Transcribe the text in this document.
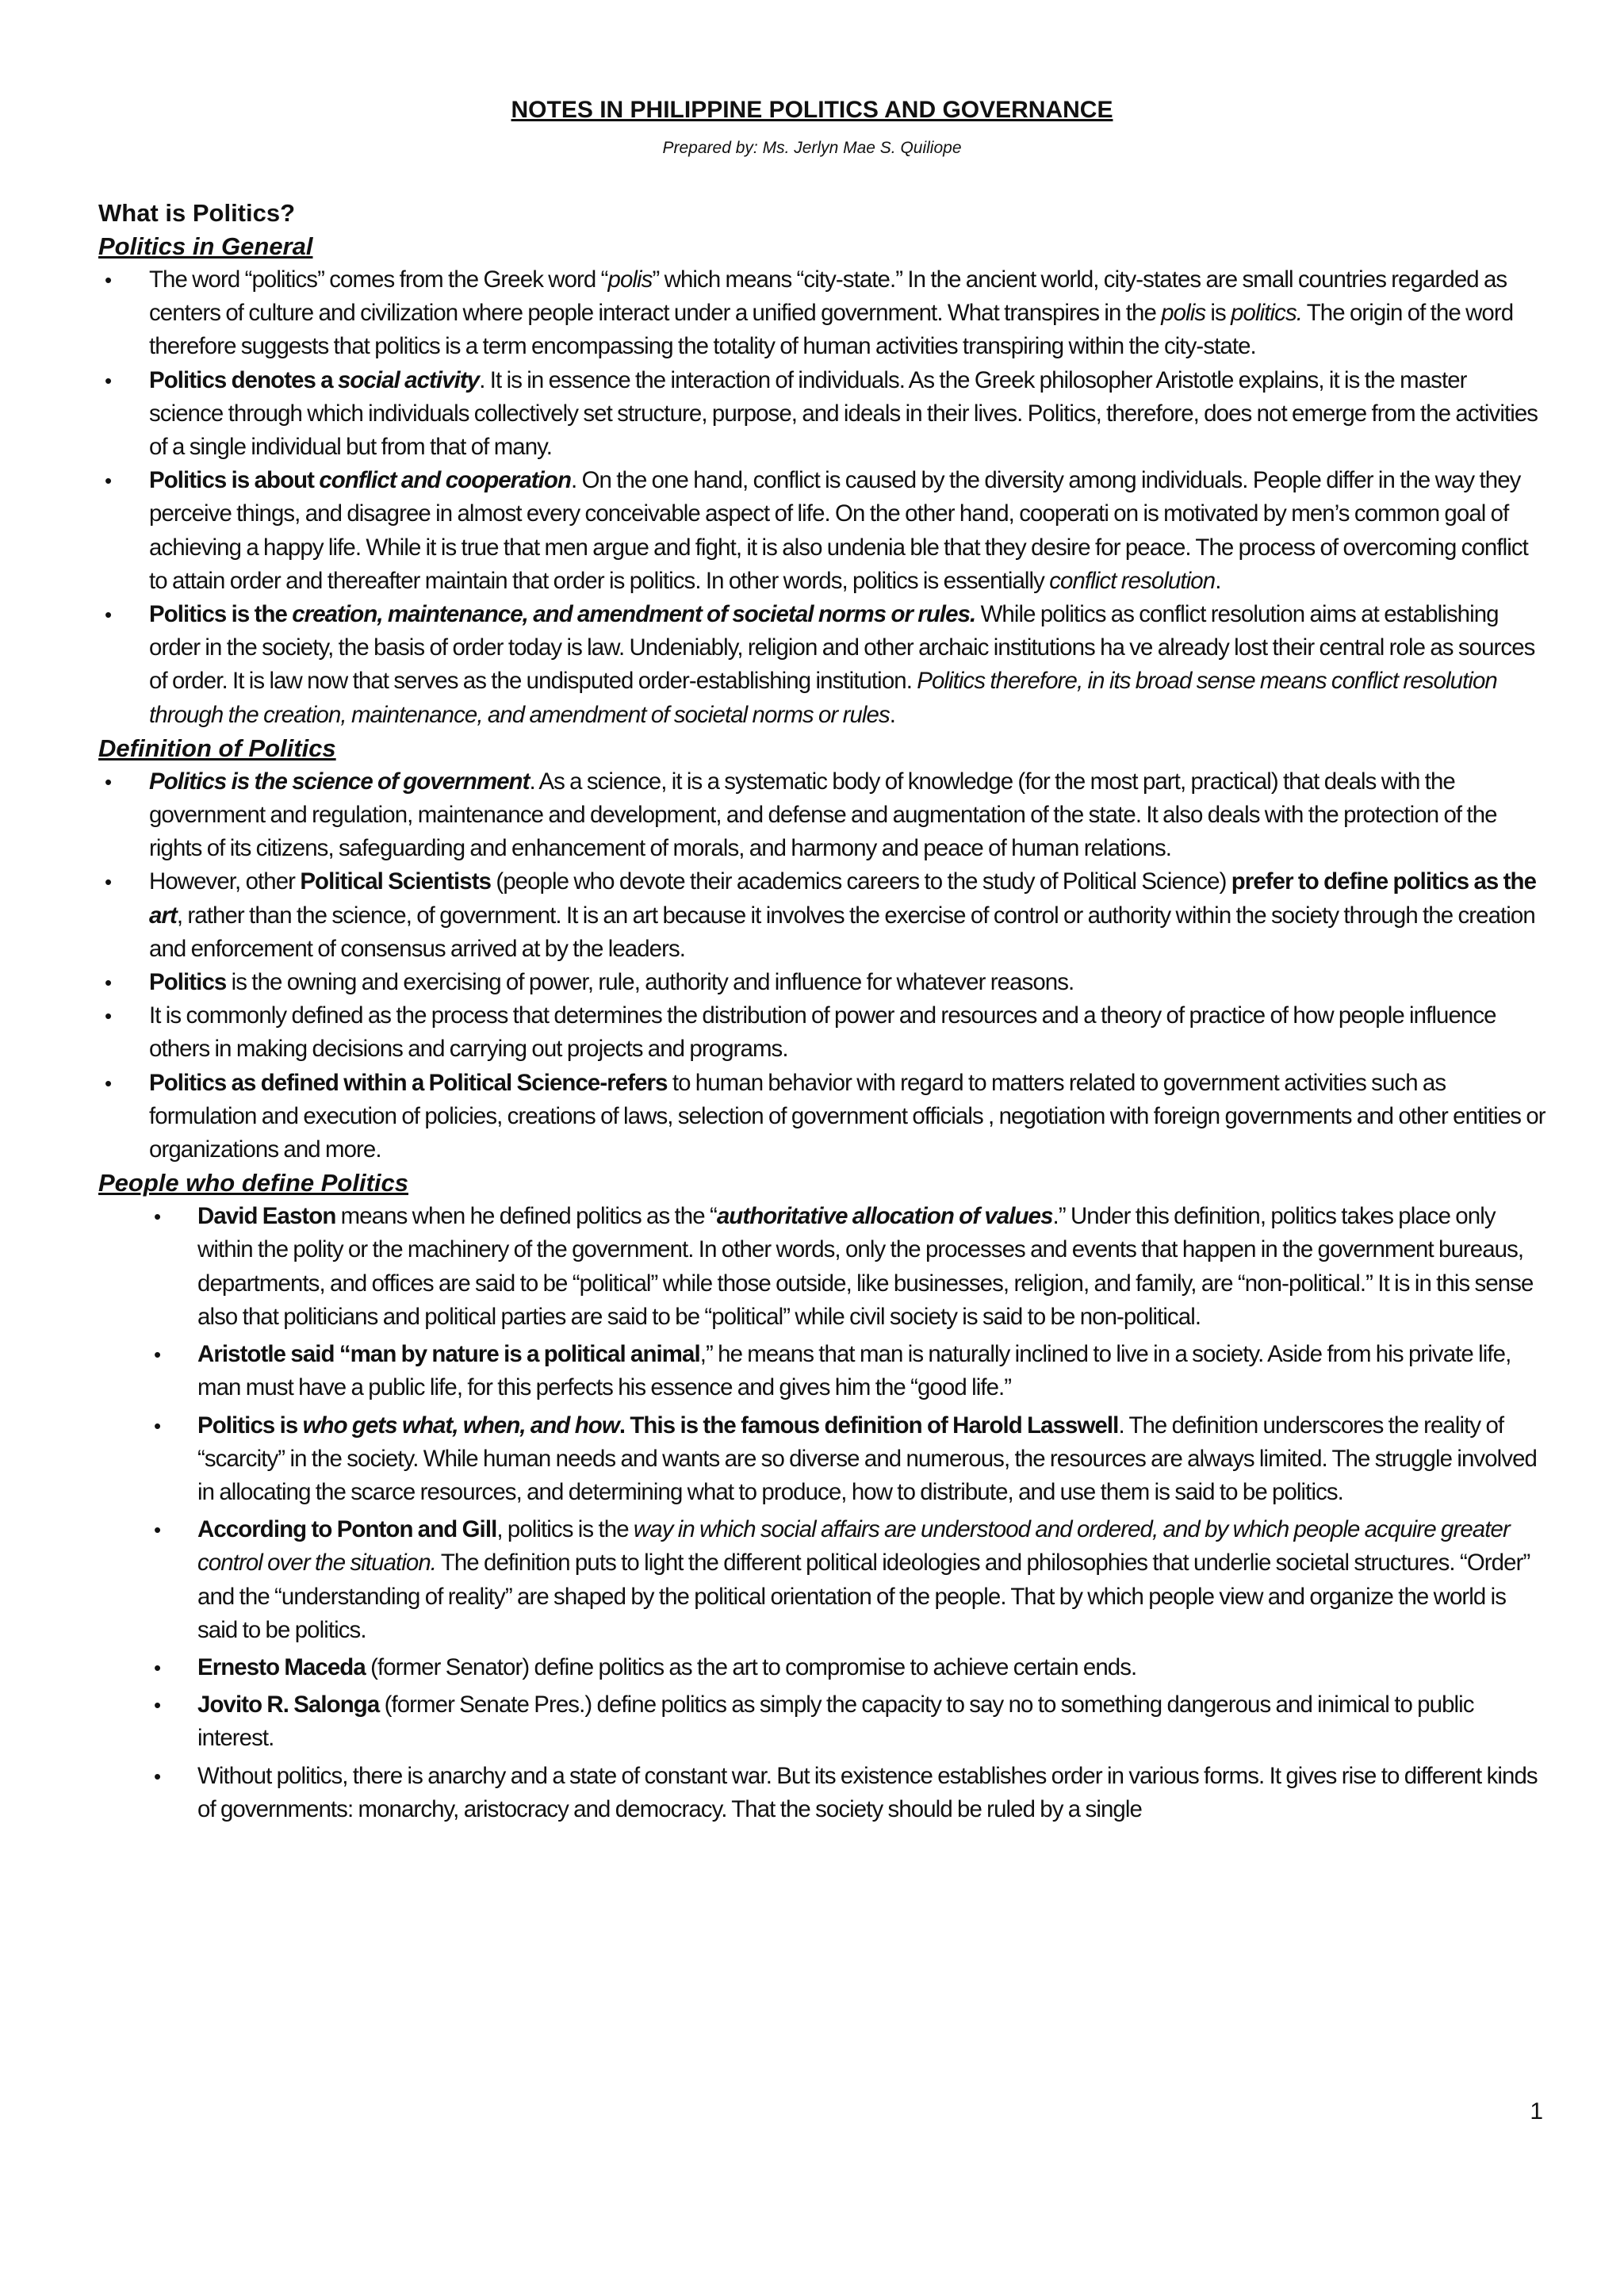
NOTES IN PHILIPPINE POLITICS AND GOVERNANCE
Prepared by: Ms. Jerlyn Mae S. Quiliope

What is Politics?

Politics in General

• The word “politics” comes from the Greek word “polis” which means “city-state.” In the ancient world, city-states are small countries regarded as centers of culture and civilization where people interact under a unified government. What transpires in the polis is politics. The origin of the word therefore suggests that politics is a term encompassing the totality of human activities transpiring within the city-state.
• Politics denotes a social activity. It is in essence the interaction of individuals. As the Greek philosopher Aristotle explains, it is the master science through which individuals collectively set structure, purpose, and ideals in their lives. Politics, therefore, does not emerge from the activities of a single individual but from that of many.
• Politics is about conflict and cooperation. On the one hand, conflict is caused by the diversity among individuals. People differ in the way they perceive things, and disagree in almost every conceivable aspect of life. On the other hand, cooperati on is motivated by men’s common goal of achieving a happy life. While it is true that men argue and fight, it is also undenia ble that they desire for peace. The process of overcoming conflict to attain order and thereafter maintain that order is politics. In other words, politics is essentially conflict resolution.
• Politics is the creation, maintenance, and amendment of societal norms or rules. While politics as conflict resolution aims at establishing order in the society, the basis of order today is law. Undeniably, religion and other archaic institutions ha ve already lost their central role as sources of order. It is law now that serves as the undisputed order-establishing institution. Politics therefore, in its broad sense means conflict resolution through the creation, maintenance, and amendment of societal norms or rules.

Definition of Politics

• Politics is the science of government. As a science, it is a systematic body of knowledge (for the most part, practical) that deals with the government and regulation, maintenance and development, and defense and augmentation of the state. It also deals with the protection of the rights of its citizens, safeguarding and enhancement of morals, and harmony and peace of human relations.
• However, other Political Scientists (people who devote their academics careers to the study of Political Science) prefer to define politics as the art, rather than the science, of government. It is an art because it involves the exercise of control or authority within the society through the creation and enforcement of consensus arrived at by the leaders.
• Politics is the owning and exercising of power, rule, authority and influence for whatever reasons.
• It is commonly defined as the process that determines the distribution of power and resources and a theory of practice of how people influence others in making decisions and carrying out projects and programs.
• Politics as defined within a Political Science-refers to human behavior with regard to matters related to government activities such as formulation and execution of policies, creations of laws, selection of government officials , negotiation with foreign governments and other entities or organizations and more.

People who define Politics

• David Easton means when he defined politics as the “authoritative allocation of values.” Under this definition, politics takes place only within the polity or the machinery of the government. In other words, only the processes and events that happen in the government bureaus, departments, and offices are said to be “political” while those outside, like businesses, religion, and family, are “non-political.” It is in this sense also that politicians and political parties are said to be “political” while civil society is said to be non-political.
• Aristotle said “man by nature is a political animal,” he means that man is naturally inclined to live in a society. Aside from his private life, man must have a public life, for this perfects his essence and gives him the “good life.”
• Politics is who gets what, when, and how. This is the famous definition of Harold Lasswell. The definition underscores the reality of “scarcity” in the society. While human needs and wants are so diverse and numerous, the resources are always limited. The struggle involved in allocating the scarce resources, and determining what to produce, how to distribute, and use them is said to be politics.
• According to Ponton and Gill, politics is the way in which social affairs are understood and ordered, and by which people acquire greater control over the situation. The definition puts to light the different political ideologies and philosophies that underlie societal structures. “Order” and the “understanding of reality” are shaped by the political orientation of the people. That by which people view and organize the world is said to be politics.
• Ernesto Maceda (former Senator) define politics as the art to compromise to achieve certain ends.
• Jovito R. Salonga (former Senate Pres.) define politics as simply the capacity to say no to something dangerous and inimical to public interest.
• Without politics, there is anarchy and a state of constant war. But its existence establishes order in various forms. It gives rise to different kinds of governments: monarchy, aristocracy and democracy. That the society should be ruled by a single
1
